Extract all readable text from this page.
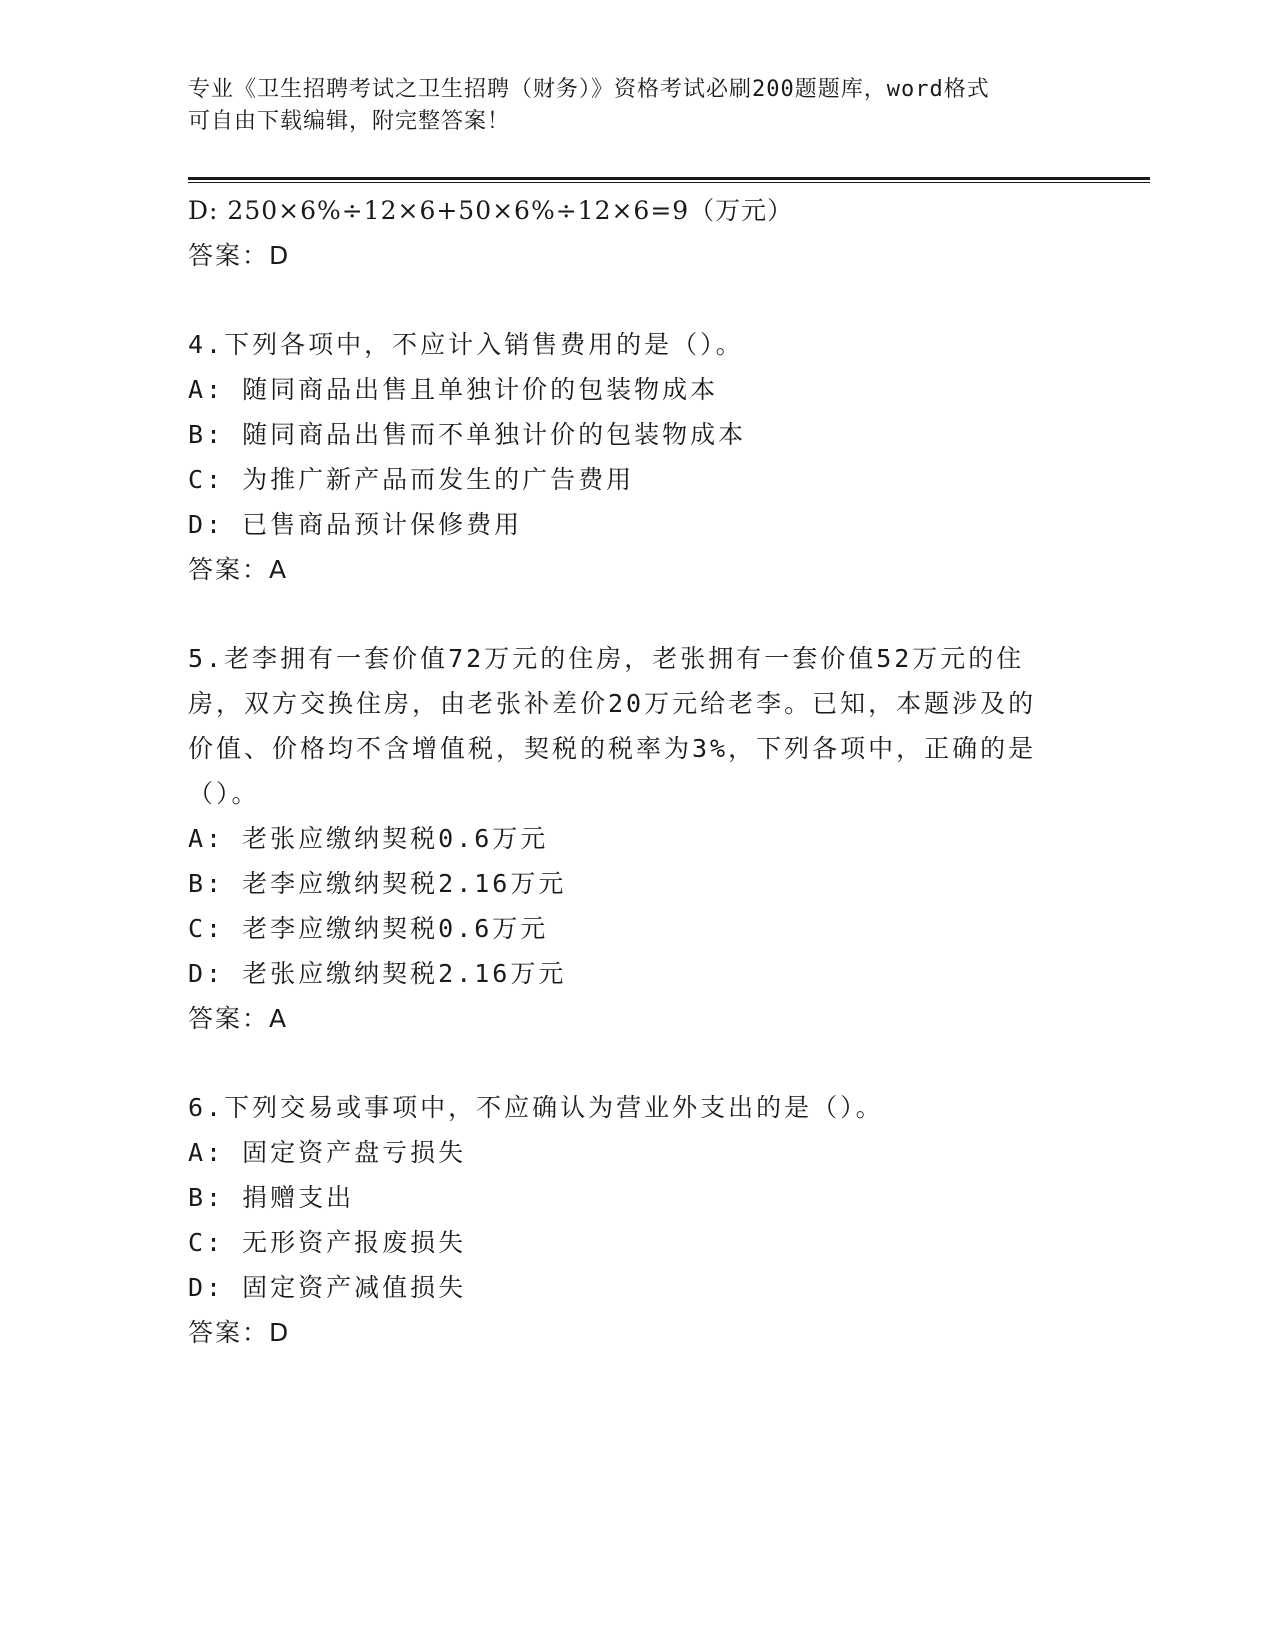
专业《卫生招聘考试之卫生招聘（财务）》资格考试必刷200题题库，word格式
可自由下载编辑，附完整答案！
D: 250×6%÷12×6+50×6%÷12×6=9（万元）
答案：D
4.下列各项中，不应计入销售费用的是（）。
A: 随同商品出售且单独计价的包装物成本
B: 随同商品出售而不单独计价的包装物成本
C: 为推广新产品而发生的广告费用
D: 已售商品预计保修费用
答案：A
5.老李拥有一套价值72万元的住房，老张拥有一套价值52万元的住
房，双方交换住房，由老张补差价20万元给老李。已知，本题涉及的
价值、价格均不含增值税，契税的税率为3%，下列各项中，正确的是
（）。
A: 老张应缴纳契税0.6万元
B: 老李应缴纳契税2.16万元
C: 老李应缴纳契税0.6万元
D: 老张应缴纳契税2.16万元
答案：A
6.下列交易或事项中，不应确认为营业外支出的是（）。
A: 固定资产盘亏损失
B: 捐赠支出
C: 无形资产报废损失
D: 固定资产减值损失
答案：D
